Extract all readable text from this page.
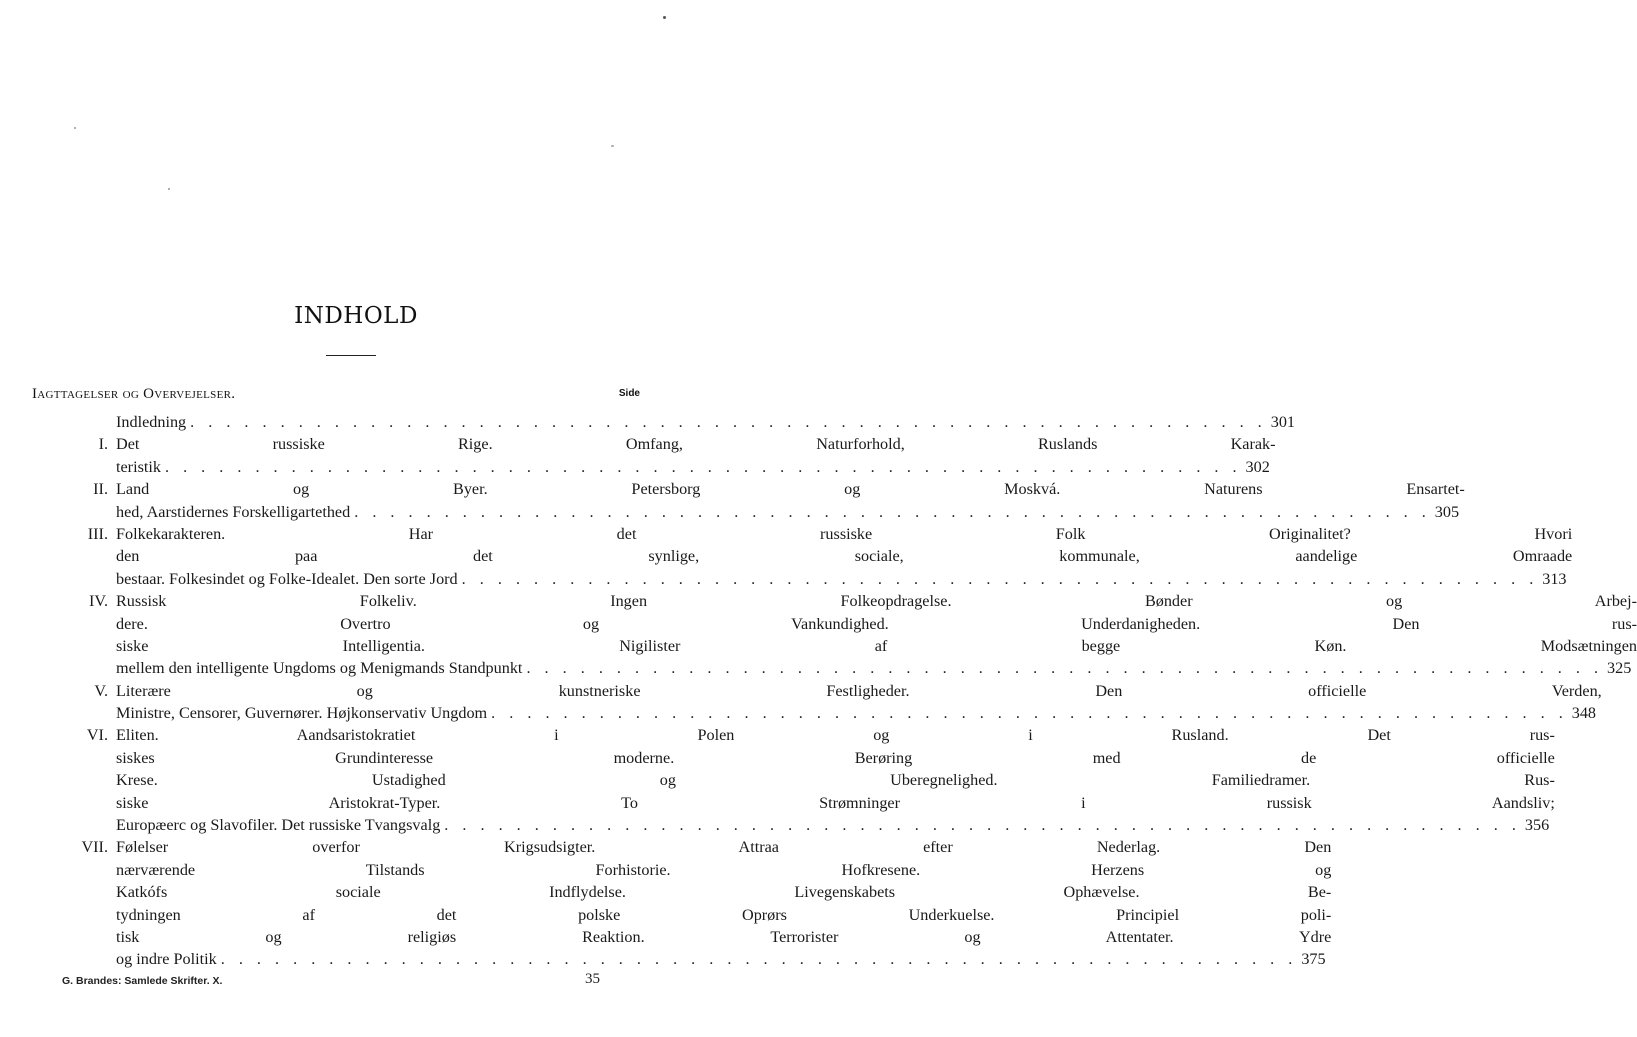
INDHOLD
Iagttagelser og Overvejelser.	Side
Indledning . . . . . . . . . . . . . . . . . . . . . . . . . . . . . . . . . . . . . . . . . . . . . . . . . . . . . . . . . . . . 301
I. Det russiske Rige. Omfang, Naturforhold, Ruslands Karak-
teristik . . . . . . . . . . . . . . . . . . . . . . . . . . . . . . . . . . . . . . . . . . . . . . . . . . . . . . . . . . . . 302
II. Land og Byer. Petersborg og Moskvá. Naturens Ensartet-
hed, Aarstidernes Forskelligartethed . . . . . . . . . . . . . . . . . . . . . . . . . . . . . . . . . . . . . . . . . . . . . . . . . . . . . . . . . . . . 305
III. Folkekarakteren. Har det russiske Folk Originalitet? Hvori
den paa det synlige, sociale, kommunale, aandelige Omraade
bestaar. Folkesindet og Folke-Idealet. Den sorte Jord . . . . . . . . . . . . . . . . . . . . . . . . . . . . . . . . . . . . . . . . . . . . . . . . . . . . . . . . . . . . 313
IV. Russisk Folkeliv. Ingen Folkeopdragelse. Bønder og Arbej-
dere. Overtro og Vankundighed. Underdanigheden. Den rus-
siske Intelligentia. Nigilister af begge Køn. Modsætningen
mellem den intelligente Ungdoms og Menigmands Standpunkt . . . . . . . . . . . . . . . . . . . . . . . . . . . . . . . . . . . . . . . . . . . . . . . . . . . . . . . . . . . . 325
V. Literære og kunstneriske Festligheder. Den officielle Verden,
Ministre, Censorer, Guvernører. Højkonservativ Ungdom . . . . . . . . . . . . . . . . . . . . . . . . . . . . . . . . . . . . . . . . . . . . . . . . . . . . . . . . . . . . 348
VI. Eliten. Aandsaristokratiet i Polen og i Rusland. Det rus-
siskes Grundinteresse moderne. Berøring med de officielle
Krese. Ustadighed og Uberegnelighed. Familiedramer. Rus-
siske Aristokrat-Typer. To Strømninger i russisk Aandsliv;
Europæerc og Slavofiler. Det russiske Tvangsvalg . . . . . . . . . . . . . . . . . . . . . . . . . . . . . . . . . . . . . . . . . . . . . . . . . . . . . . . . . . . . 356
VII. Følelser overfor Krigsudsigter. Attraa efter Nederlag. Den
nærværende Tilstands Forhistorie. Hofkresene. Herzens og
Katkófs sociale Indflydelse. Livegenskabets Ophævelse. Be-
tydningen af det polske Oprørs Underkuelse. Principiel poli-
tisk og religiøs Reaktion. Terrorister og Attentater. Ydre
og indre Politik . . . . . . . . . . . . . . . . . . . . . . . . . . . . . . . . . . . . . . . . . . . . . . . . . . . . . . . . . . . . 375
G. Brandes: Samlede Skrifter. X.	35
